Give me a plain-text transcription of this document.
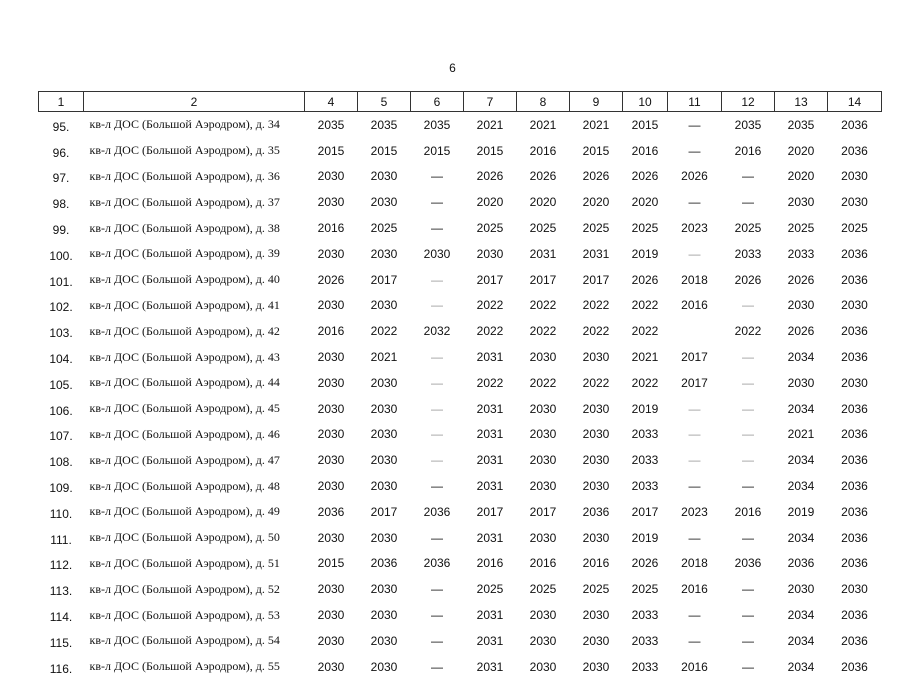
6
1	2	4	5	6	7	8	9	10	11	12	13	14
95.	кв-л ДОС (Большой Аэродром), д. 34	2035	2035	2035	2021	2021	2021	2015	—	2035	2035	2036
96.	кв-л ДОС (Большой Аэродром), д. 35	2015	2015	2015	2015	2016	2015	2016	—	2016	2020	2036
97.	кв-л ДОС (Большой Аэродром), д. 36	2030	2030	—	2026	2026	2026	2026	2026	—	2020	2030
98.	кв-л ДОС (Большой Аэродром), д. 37	2030	2030	—	2020	2020	2020	2020	—	—	2030	2030
99.	кв-л ДОС (Большой Аэродром), д. 38	2016	2025	—	2025	2025	2025	2025	2023	2025	2025	2025
100.	кв-л ДОС (Большой Аэродром), д. 39	2030	2030	2030	2030	2031	2031	2019	—	2033	2033	2036
101.	кв-л ДОС (Большой Аэродром), д. 40	2026	2017	—	2017	2017	2017	2026	2018	2026	2026	2036
102.	кв-л ДОС (Большой Аэродром), д. 41	2030	2030	—	2022	2022	2022	2022	2016	—	2030	2030
103.	кв-л ДОС (Большой Аэродром), д. 42	2016	2022	2032	2022	2022	2022	2022		2022	2026	2036
104.	кв-л ДОС (Большой Аэродром), д. 43	2030	2021	—	2031	2030	2030	2021	2017	—	2034	2036
105.	кв-л ДОС (Большой Аэродром), д. 44	2030	2030	—	2022	2022	2022	2022	2017	—	2030	2030
106.	кв-л ДОС (Большой Аэродром), д. 45	2030	2030	—	2031	2030	2030	2019	—	—	2034	2036
107.	кв-л ДОС (Большой Аэродром), д. 46	2030	2030	—	2031	2030	2030	2033	—	—	2021	2036
108.	кв-л ДОС (Большой Аэродром), д. 47	2030	2030	—	2031	2030	2030	2033	—	—	2034	2036
109.	кв-л ДОС (Большой Аэродром), д. 48	2030	2030	—	2031	2030	2030	2033	—	—	2034	2036
110.	кв-л ДОС (Большой Аэродром), д. 49	2036	2017	2036	2017	2017	2036	2017	2023	2016	2019	2036
111.	кв-л ДОС (Большой Аэродром), д. 50	2030	2030	—	2031	2030	2030	2019	—	—	2034	2036
112.	кв-л ДОС (Большой Аэродром), д. 51	2015	2036	2036	2016	2016	2016	2026	2018	2036	2036	2036
113.	кв-л ДОС (Большой Аэродром), д. 52	2030	2030	—	2025	2025	2025	2025	2016	—	2030	2030
114.	кв-л ДОС (Большой Аэродром), д. 53	2030	2030	—	2031	2030	2030	2033	—	—	2034	2036
115.	кв-л ДОС (Большой Аэродром), д. 54	2030	2030	—	2031	2030	2030	2033	—	—	2034	2036
116.	кв-л ДОС (Большой Аэродром), д. 55	2030	2030	—	2031	2030	2030	2033	2016	—	2034	2036
